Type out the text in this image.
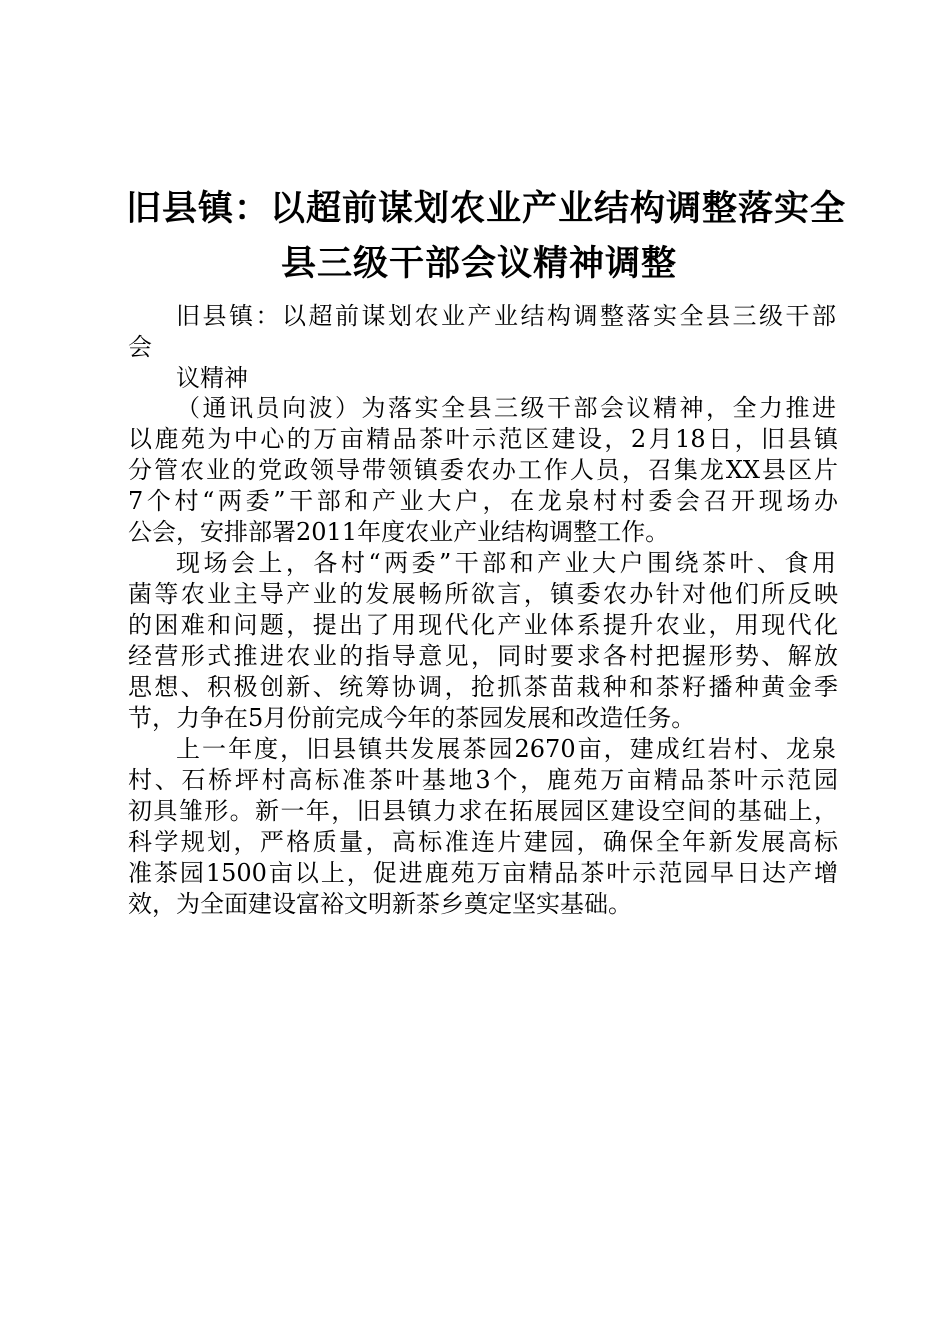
旧县镇：以超前谋划农业产业结构调整落实全
县三级干部会议精神调整
旧县镇：以超前谋划农业产业结构调整落实全县三级干部
会
议精神
（通讯员向波）为落实全县三级干部会议精神，全力推进
以鹿苑为中心的万亩精品茶叶示范区建设，2月18日，旧县镇
分管农业的党政领导带领镇委农办工作人员，召集龙XX县区片
7个村“两委”干部和产业大户，在龙泉村村委会召开现场办
公会，安排部署2011年度农业产业结构调整工作。
现场会上，各村“两委”干部和产业大户围绕茶叶、食用
菌等农业主导产业的发展畅所欲言，镇委农办针对他们所反映
的困难和问题，提出了用现代化产业体系提升农业，用现代化
经营形式推进农业的指导意见，同时要求各村把握形势、解放
思想、积极创新、统筹协调，抢抓茶苗栽种和茶籽播种黄金季
节，力争在5月份前完成今年的茶园发展和改造任务。
上一年度，旧县镇共发展茶园2670亩，建成红岩村、龙泉
村、石桥坪村高标准茶叶基地3个，鹿苑万亩精品茶叶示范园
初具雏形。新一年，旧县镇力求在拓展园区建设空间的基础上，
科学规划，严格质量，高标准连片建园，确保全年新发展高标
准茶园1500亩以上，促进鹿苑万亩精品茶叶示范园早日达产增
效，为全面建设富裕文明新茶乡奠定坚实基础。
